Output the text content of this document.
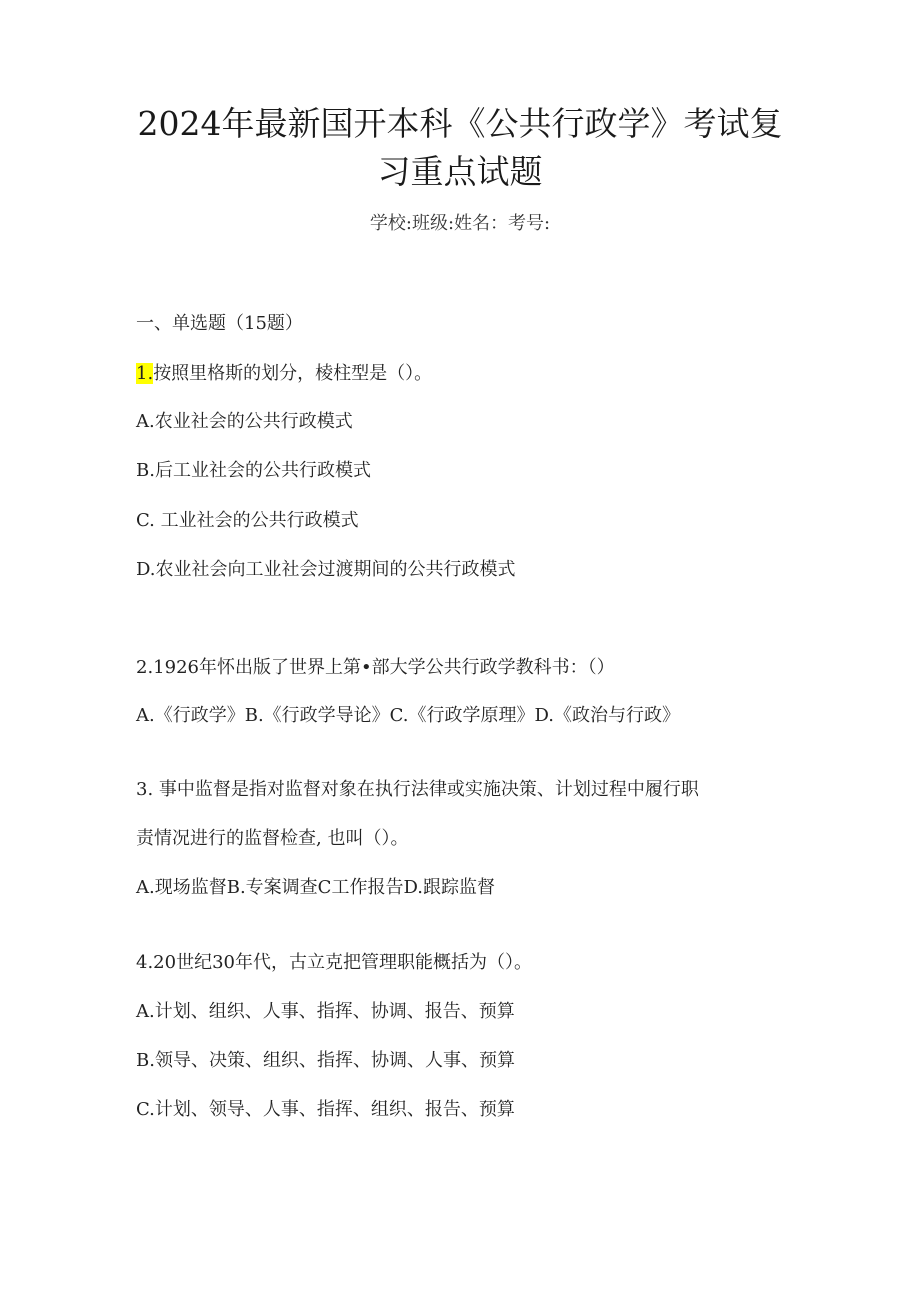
2024年最新国开本科《公共行政学》考试复
习重点试题
学校:班级:姓名：考号:
一、单选题（15题）
1.按照里格斯的划分，棱柱型是（）。
A.农业社会的公共行政模式
B.后工业社会的公共行政模式
C. 工业社会的公共行政模式
D.农业社会向工业社会过渡期间的公共行政模式
2.1926年怀出版了世界上第•部大学公共行政学教科书：（）
A.《行政学》B.《行政学导论》C.《行政学原理》D.《政治与行政》
3. 事中监督是指对监督对象在执行法律或实施决策、计划过程中履行职
责情况进行的监督检查, 也叫（）。
A.现场监督B.专案调查C工作报告D.跟踪监督
4.20世纪30年代，古立克把管理职能概括为（）。
A.计划、组织、人事、指挥、协调、报告、预算
B.领导、决策、组织、指挥、协调、人事、预算
C.计划、领导、人事、指挥、组织、报告、预算
